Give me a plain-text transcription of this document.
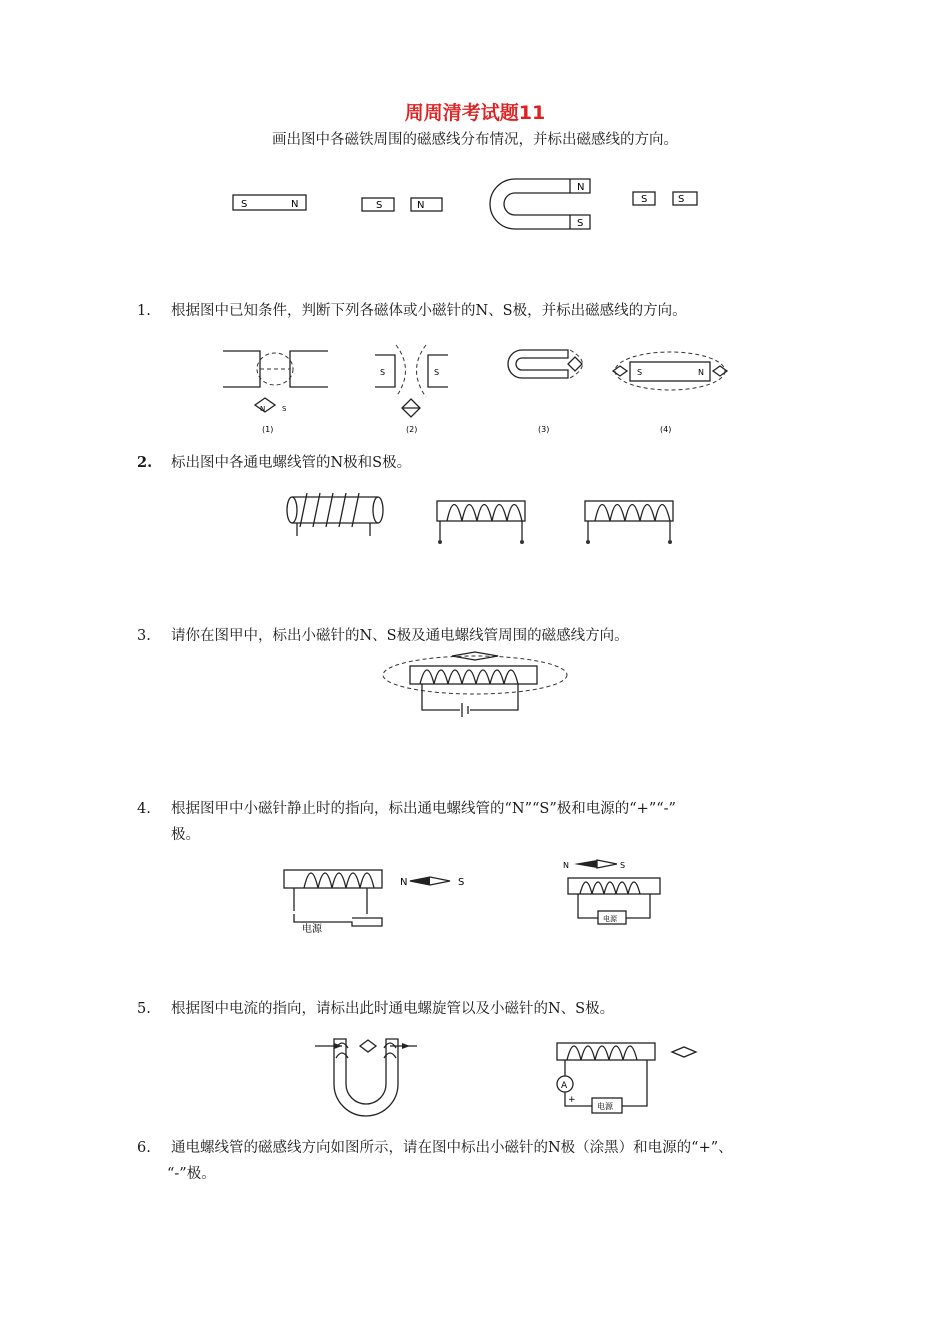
周周清考试题11
画出图中各磁铁周围的磁感线分布情况，并标出磁感线的方向。
S	N	S	N
N
S
S	S
1. 根据图中已知条件，判断下列各磁体或小磁针的N、S极，并标出磁感线的方向。
N S
(1)
S	S
(2)	(3)
S	N
(4)
2. 标出图中各通电螺线管的N极和S极。
3. 请你在图甲中，标出小磁针的N、S极及通电螺线管周围的磁感线方向。
4. 根据图甲中小磁针静止时的指向，标出通电螺线管的“N”“S”极和电源的“+”“-”
极。
电源
N	S
N	S
电源
5. 根据图中电流的指向，请标出此时通电螺旋管以及小磁针的N、S极。
A
+
电源
6. 通电螺线管的磁感线方向如图所示，请在图中标出小磁针的N极（涂黑）和电源的“+”、
“-”极。
